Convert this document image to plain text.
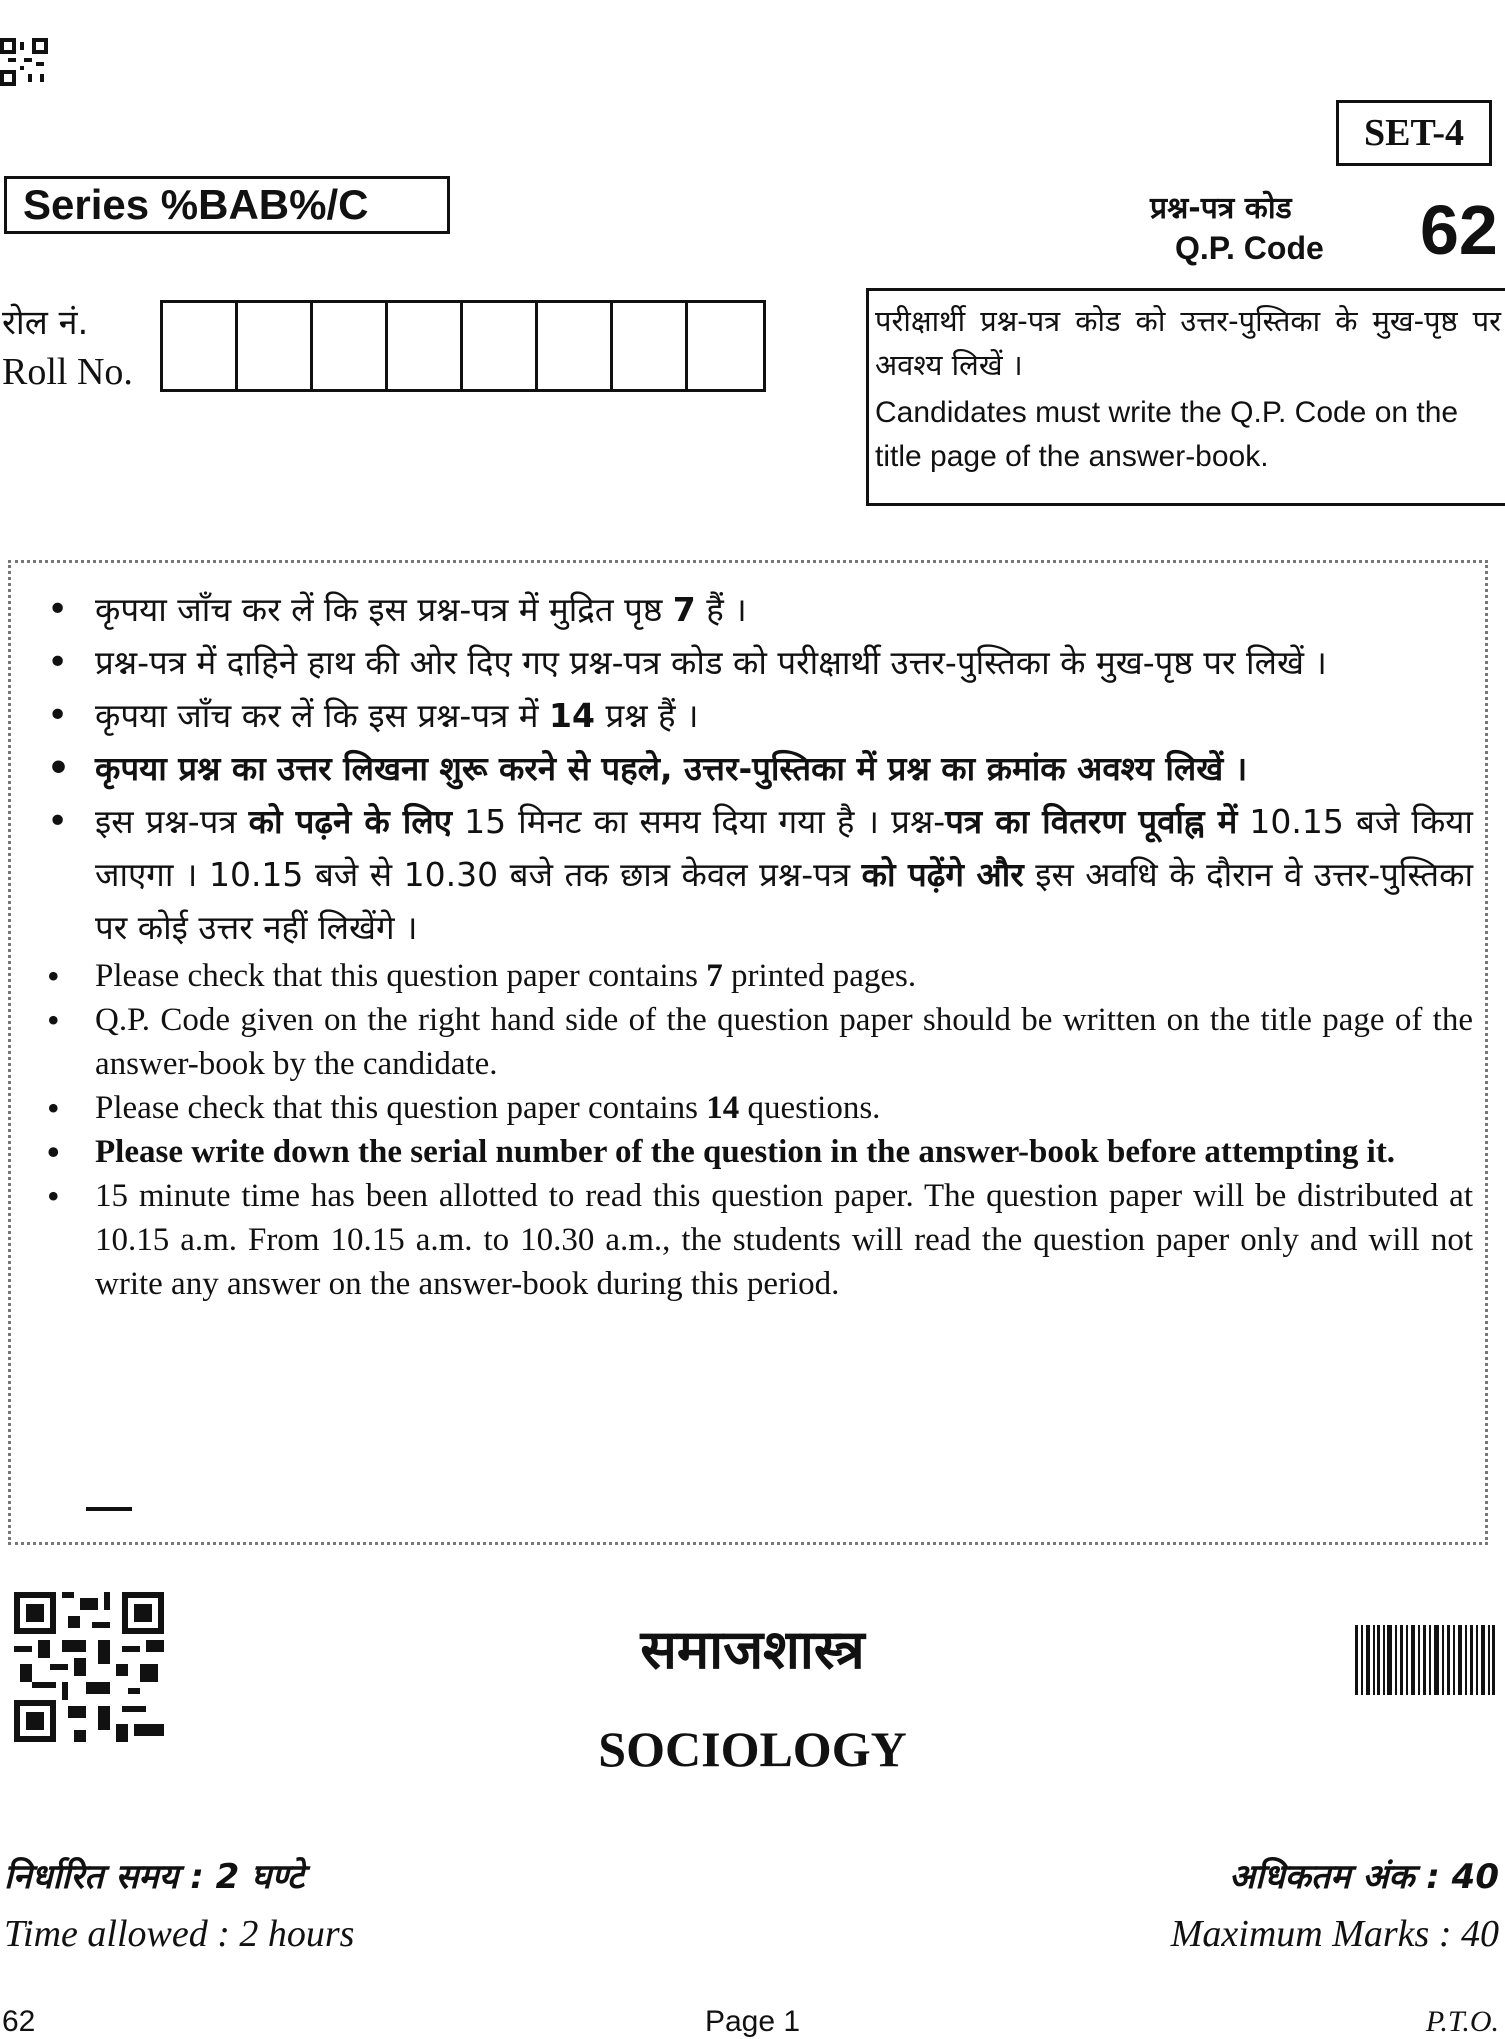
SET-4
Series %BAB%/C	प्रश्न-पत्र कोड
Q.P. Code 62
रोल नं.
Roll No.
परीक्षार्थी प्रश्न-पत्र कोड को उत्तर-पुस्तिका के मुख-पृष्ठ पर अवश्य लिखें ।
Candidates must write the Q.P. Code on the title page of the answer-book.
• कृपया जाँच कर लें कि इस प्रश्न-पत्र में मुद्रित पृष्ठ 7 हैं ।
• प्रश्न-पत्र में दाहिने हाथ की ओर दिए गए प्रश्न-पत्र कोड को परीक्षार्थी उत्तर-पुस्तिका के मुख-पृष्ठ पर लिखें ।
• कृपया जाँच कर लें कि इस प्रश्न-पत्र में 14 प्रश्न हैं ।
• कृपया प्रश्न का उत्तर लिखना शुरू करने से पहले, उत्तर-पुस्तिका में प्रश्न का क्रमांक अवश्य लिखें ।
• इस प्रश्न-पत्र को पढ़ने के लिए 15 मिनट का समय दिया गया है । प्रश्न-पत्र का वितरण पूर्वाह्न में 10.15 बजे किया जाएगा । 10.15 बजे से 10.30 बजे तक छात्र केवल प्रश्न-पत्र को पढ़ेंगे और इस अवधि के दौरान वे उत्तर-पुस्तिका पर कोई उत्तर नहीं लिखेंगे ।
• Please check that this question paper contains 7 printed pages.
• Q.P. Code given on the right hand side of the question paper should be written on the title page of the answer-book by the candidate.
• Please check that this question paper contains 14 questions.
• Please write down the serial number of the question in the answer-book before attempting it.
• 15 minute time has been allotted to read this question paper. The question paper will be distributed at 10.15 a.m. From 10.15 a.m. to 10.30 a.m., the students will read the question paper only and will not write any answer on the answer-book during this period.
समाजशास्त्र
SOCIOLOGY
निर्धारित समय : 2 घण्टे
Time allowed : 2 hours
अधिकतम अंक : 40
Maximum Marks : 40
62	Page 1	P.T.O.
